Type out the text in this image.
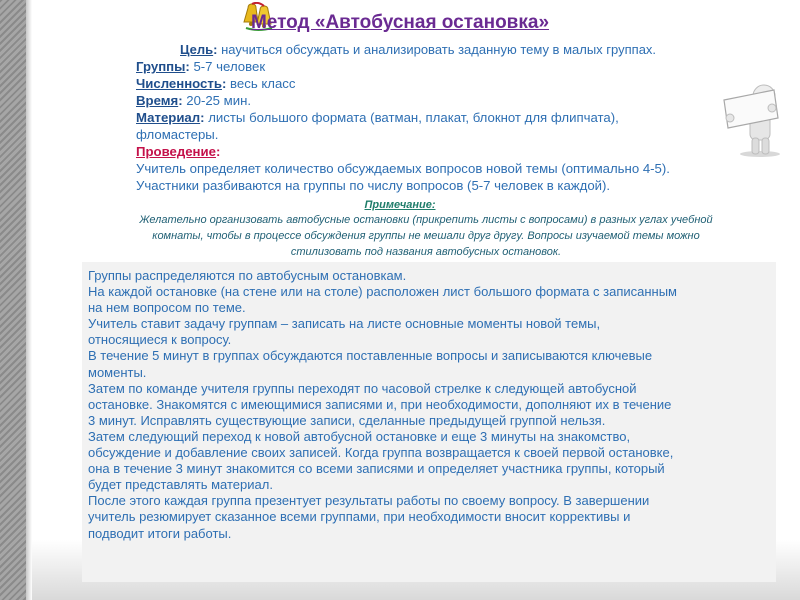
Метод «Автобусная остановка»
Цель: научиться обсуждать и анализировать заданную тему в малых группах.
Группы: 5-7 человек
Численность: весь класс
Время: 20-25 мин.
Материал: листы большого формата (ватман, плакат, блокнот для флипчата),
фломастеры.
Проведение:
Учитель определяет количество обсуждаемых вопросов новой темы (оптимально 4-5).
Участники разбиваются на группы по числу вопросов (5-7 человек в каждой).
Примечание:
Желательно организовать автобусные остановки (прикрепить листы с вопросами) в разных углах учебной
комнаты, чтобы в процессе обсуждения группы не мешали друг другу. Вопросы изучаемой темы можно
стилизовать под названия автобусных остановок.
Группы распределяются по автобусным остановкам.
На каждой остановке (на стене или на столе) расположен лист большого формата с записанным
на нем вопросом по теме.
Учитель ставит задачу группам – записать на листе основные моменты новой темы,
относящиеся к вопросу.
В течение 5 минут в группах обсуждаются поставленные вопросы и записываются ключевые
моменты.
Затем по команде учителя группы переходят по часовой стрелке к следующей автобусной
остановке. Знакомятся с имеющимися записями и, при необходимости, дополняют их в течение
3 минут. Исправлять существующие записи, сделанные предыдущей группой нельзя.
Затем следующий переход к новой автобусной остановке и еще 3 минуты на знакомство,
обсуждение и добавление своих записей. Когда группа возвращается к своей первой остановке,
она в течение 3 минут знакомится со всеми записями и определяет участника группы, который
будет представлять материал.
После этого каждая группа презентует результаты работы по своему вопросу. В завершении
учитель резюмирует сказанное всеми группами, при необходимости вносит коррективы и
подводит итоги работы.
